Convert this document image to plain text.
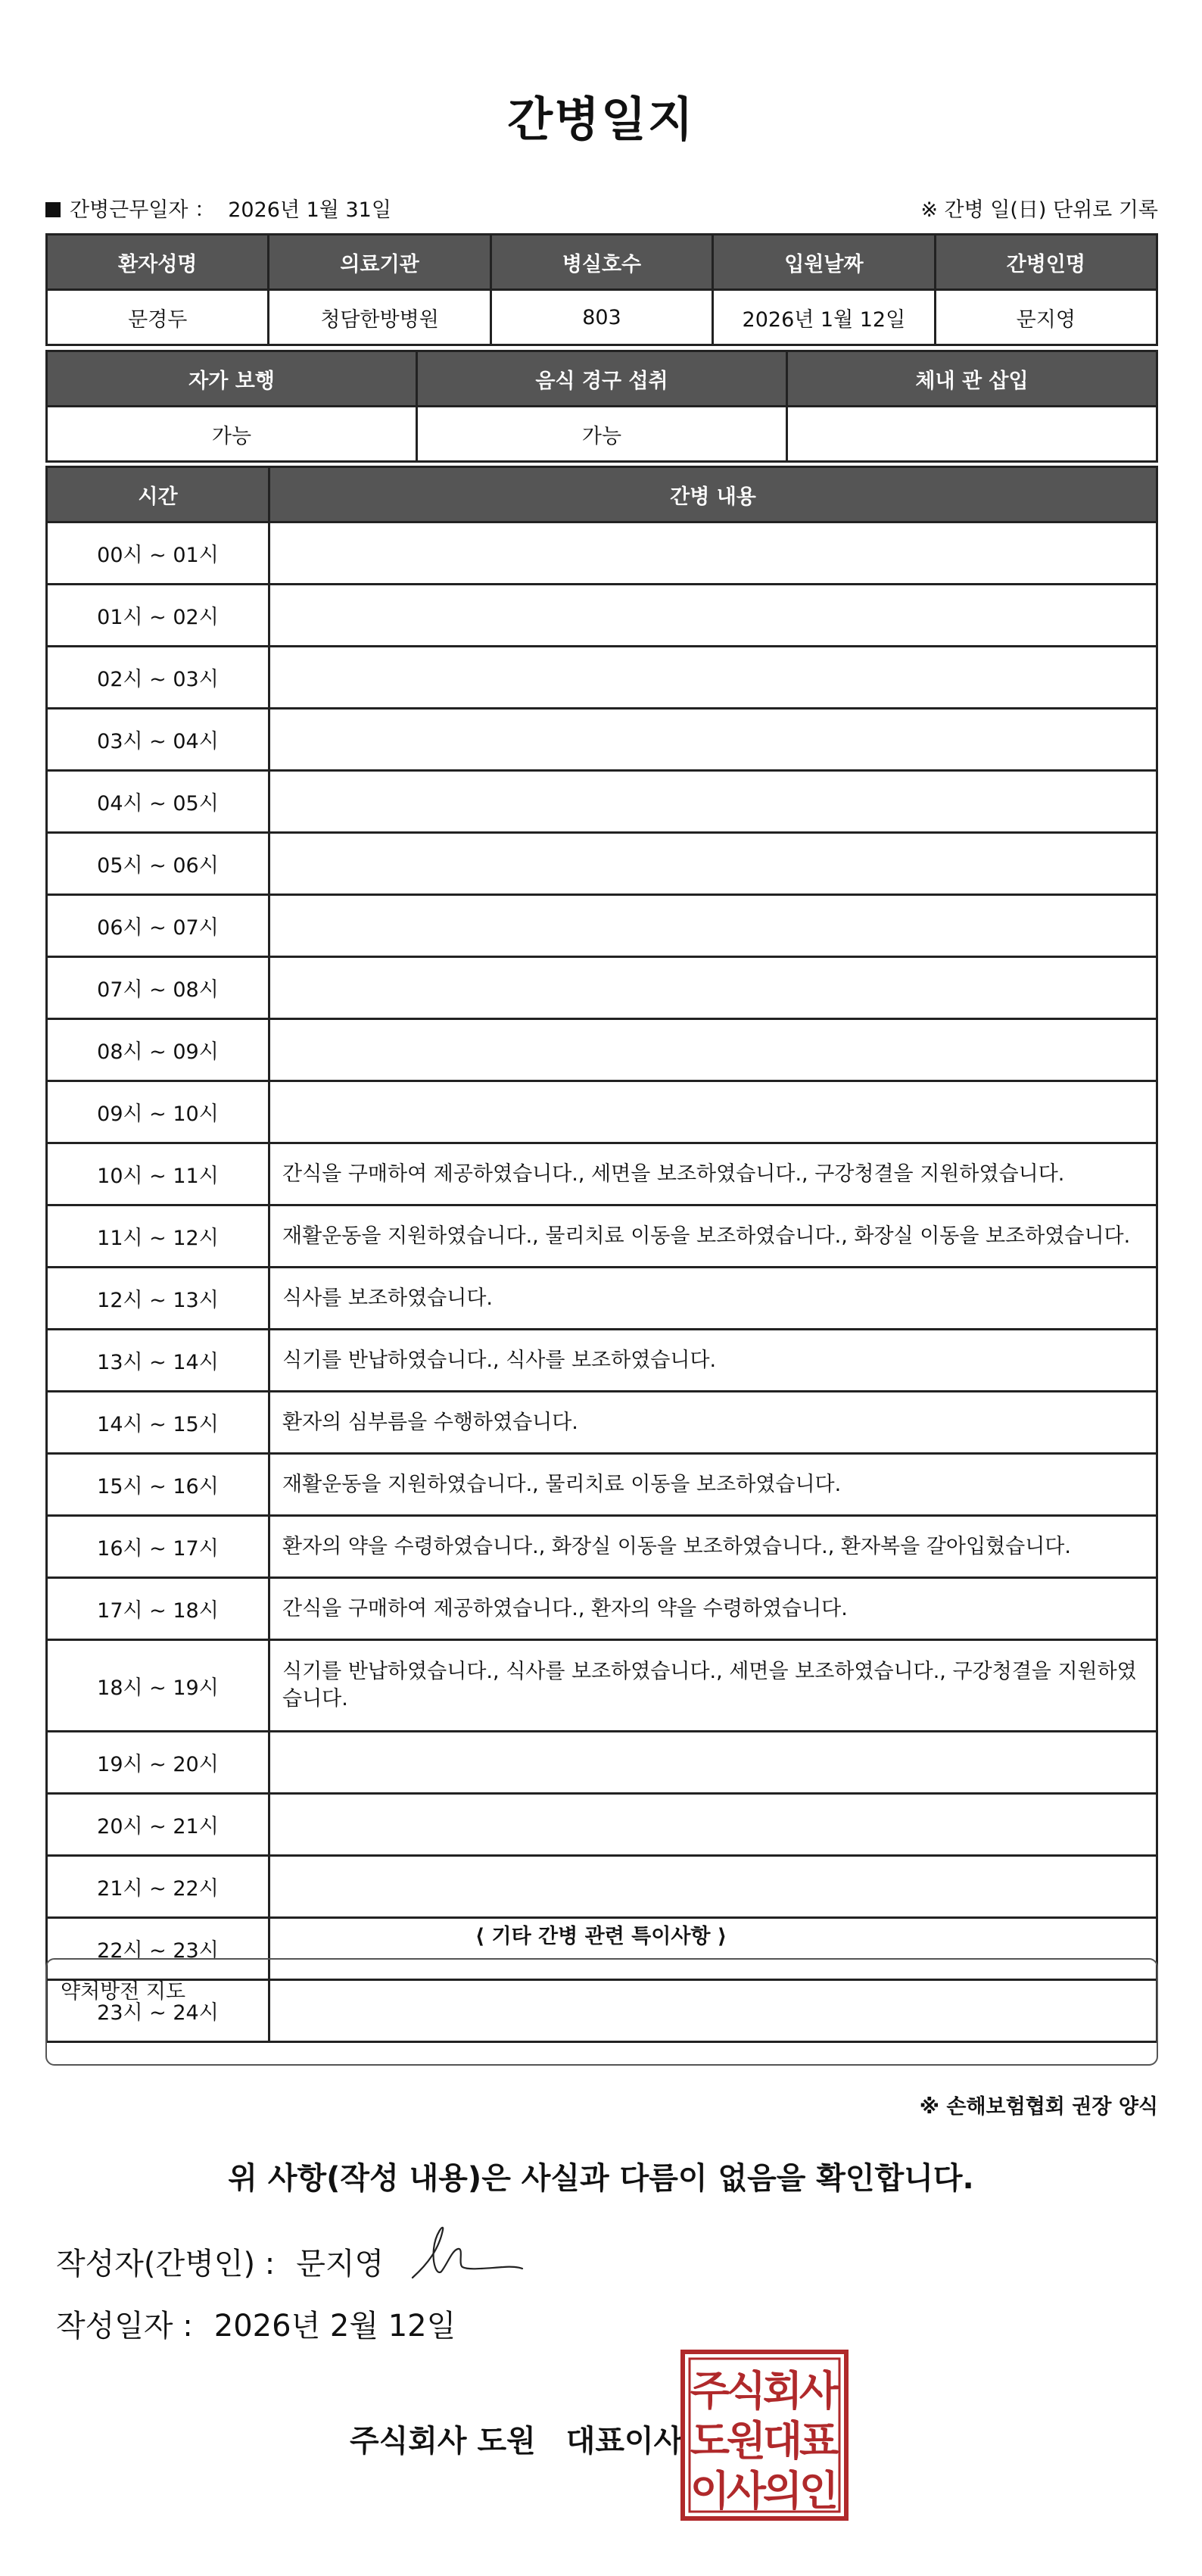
간병일지
간병근무일자 ： 2026년 1월 31일	※ 간병 일(日) 단위로 기록
환자성명	의료기관	병실호수	입원날짜	간병인명
문경두	청담한방병원	803	2026년 1월 12일	문지영
자가 보행	음식 경구 섭취	체내 관 삽입
가능	가능	
시간	간병 내용
00시 ~ 01시	
01시 ~ 02시	
02시 ~ 03시	
03시 ~ 04시	
04시 ~ 05시	
05시 ~ 06시	
06시 ~ 07시	
07시 ~ 08시	
08시 ~ 09시	
09시 ~ 10시	
10시 ~ 11시	간식을 구매하여 제공하였습니다., 세면을 보조하였습니다., 구강청결을 지원하였습니다.
11시 ~ 12시	재활운동을 지원하였습니다., 물리치료 이동을 보조하였습니다., 화장실 이동을 보조하였습니다.
12시 ~ 13시	식사를 보조하였습니다.
13시 ~ 14시	식기를 반납하였습니다., 식사를 보조하였습니다.
14시 ~ 15시	환자의 심부름을 수행하였습니다.
15시 ~ 16시	재활운동을 지원하였습니다., 물리치료 이동을 보조하였습니다.
16시 ~ 17시	환자의 약을 수령하였습니다., 화장실 이동을 보조하였습니다., 환자복을 갈아입혔습니다.
17시 ~ 18시	간식을 구매하여 제공하였습니다., 환자의 약을 수령하였습니다.
18시 ~ 19시	식기를 반납하였습니다., 식사를 보조하였습니다., 세면을 보조하였습니다., 구강청결을 지원하였습니다.
19시 ~ 20시	
20시 ~ 21시	
21시 ~ 22시	
22시 ~ 23시	
23시 ~ 24시	
⟨ 기타 간병 관련 특이사항 ⟩
약처방전 지도
※ 손해보험협회 권장 양식
위 사항(작성 내용)은 사실과 다름이 없음을 확인합니다.
작성자(간병인) : 문지영
작성일자 : 2026년 2월 12일
주식회사 도원 대표이사
주
식
회
사
도
원
대
표
이
사
의
인
